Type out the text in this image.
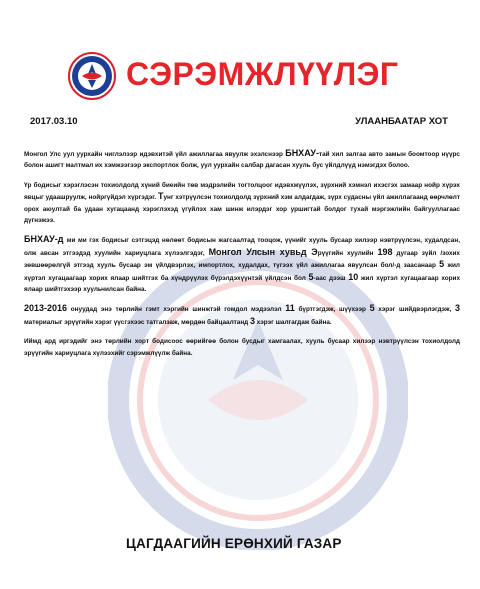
СЭРЭМЖЛҮҮЛЭГ
2017.03.10	УЛААНБААТАР ХОТ

Монгол Улс уул уурхайн чиглэлээр идэвхитэй үйл ажиллагаа явуулж эхэлснээр БНХАУ-тай хил залгаа авто замын боомтоор нүүрс болон ашигт малтмал их хэмжээгээр экспортлох болж, уул уурхайн салбар дагасан хууль бус үйлдлүүд нэмэгдэх болоо.

Үр бодисыг хэрэглэсэн тохиолдолд хүний биеийн төв мэдрэлийн тогтолцоог идэвхжүүлэх, зүрхний хэмнэл ихэсгэх замаар нойр хүрэх явцыг удаашруулж, нойргүйдэл хүргэдэг. Тунг хэтрүүлсэн тохиолдолд зүрхний хэм алдагдаж, зүрх судасны үйл ажиллагаанд өөрчлөлт орох аюултай ба удаан хугацаанд хэрэглэхэд үгүйлэх хам шинж илэрдэг хор уршигтай болдог тухай мэргэжлийн байгууллагаас дүгнэжээ.

БНХАУ-д ми ми гэх бодисыг сэтгэцэд нөлөөт бодисын жагсаалтад тооцож, үүнийг хууль бусаар хилээр нэвтрүүлсэн, худалдсан, олж авсан этгээдэд хуулийн хариуцлага хүлээлгэдэг, Монгол Улсын хувьд Эрүүгийн хуулийн 198 дугаар зүйл /зохих зөвшөөрөлгүй этгээд хууль бусаар эм үйлдвэрлэх, импортлох, худалдах, түгээх үйл ажиллагаа явуулсан бол/-д заасанаар 5 жил хүртэл хугацаагаар хорих ялаар шийтгэх ба хүндрүүлэх бүрэлдэхүүнтэй үйлдсэн бол 5-аас дээш 10 жил хүртэл хугацаагаар хорих ялаар шийтгэхээр хуульчилсан байна.

2013-2016 онуудад энэ төрлийн гэмт хэргийн шинжтэй гомдол мэдээлэл 11 бүртгэгдэж, шүүхээр 5 хэрэг шийдвэрлэгдэж, 3 материалыг эрүүгийн хэрэг үүсгэхээс татгалзаж, мөрдөн байцаалтанд 3 хэрэг шалгагдаж байна.

Иймд ард иргэдийг энэ төрлийн хорт бодисоос өөрийгөө болон бусдыг хамгаалах, хууль бусаар хилээр нэвтрүүлсэн тохиолдолд эрүүгийн хариуцлага хүлээхийг сэрэмжлүүлж байна.

ЦАГДААГИЙН ЕРӨНХИЙ ГАЗАР
